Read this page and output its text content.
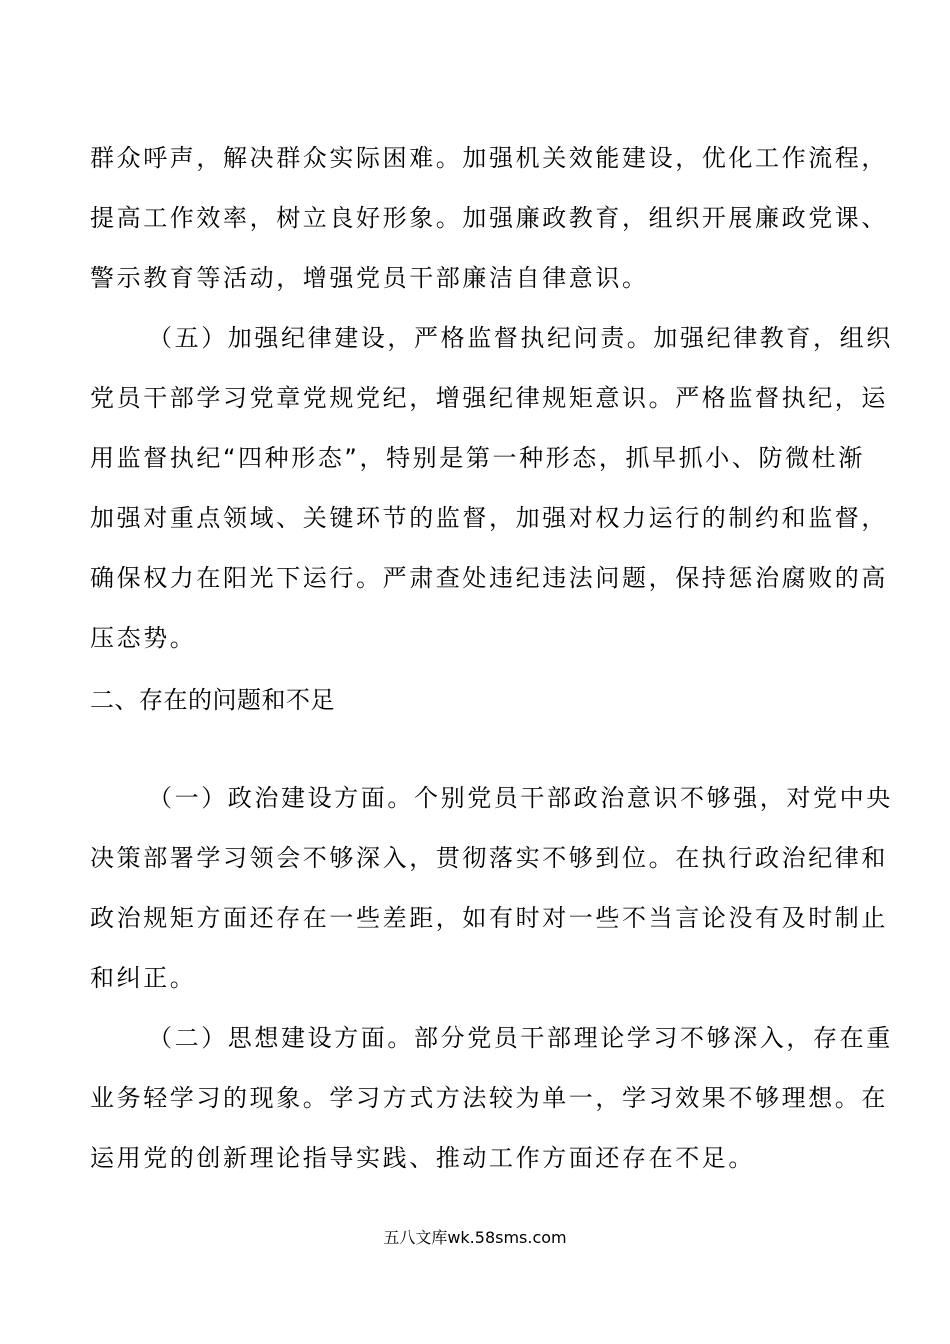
群众呼声，解决群众实际困难。加强机关效能建设，优化工作流程，
提高工作效率，树立良好形象。加强廉政教育，组织开展廉政党课、
警示教育等活动，增强党员干部廉洁自律意识。
（五）加强纪律建设，严格监督执纪问责。加强纪律教育，组织
党员干部学习党章党规党纪，增强纪律规矩意识。严格监督执纪，运
用监督执纪“四种形态”，特别是第一种形态，抓早抓小、防微杜渐
加强对重点领域、关键环节的监督，加强对权力运行的制约和监督，
确保权力在阳光下运行。严肃查处违纪违法问题，保持惩治腐败的高
压态势。
二、存在的问题和不足
（一）政治建设方面。个别党员干部政治意识不够强，对党中央
决策部署学习领会不够深入，贯彻落实不够到位。在执行政治纪律和
政治规矩方面还存在一些差距，如有时对一些不当言论没有及时制止
和纠正。
（二）思想建设方面。部分党员干部理论学习不够深入，存在重
业务轻学习的现象。学习方式方法较为单一，学习效果不够理想。在
运用党的创新理论指导实践、推动工作方面还存在不足。
五八文库wk.58sms.com
